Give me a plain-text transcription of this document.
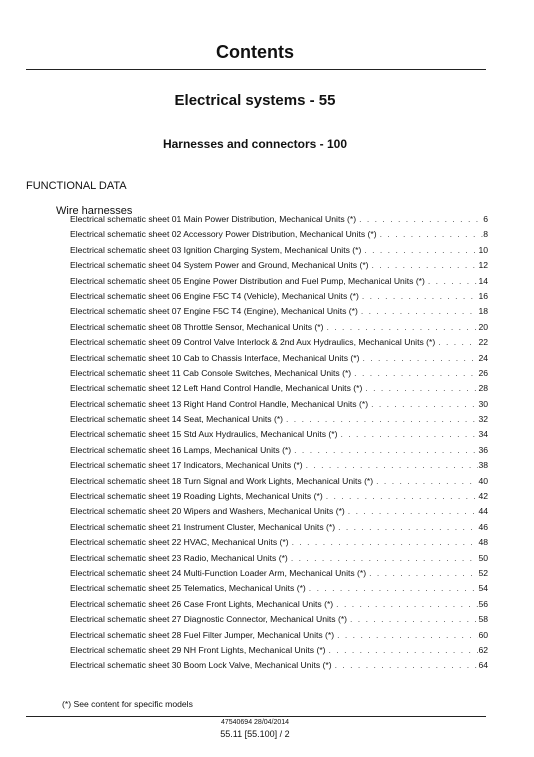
Contents
Electrical systems - 55
Harnesses and connectors - 100
FUNCTIONAL DATA
Wire harnesses
Electrical schematic sheet 01 Main Power Distribution, Mechanical Units (*) . . .	6
Electrical schematic sheet 02 Accessory Power Distribution, Mechanical Units (*) . . .	8
Electrical schematic sheet 03 Ignition Charging System, Mechanical Units (*) . . .	10
Electrical schematic sheet 04 System Power and Ground, Mechanical Units (*) . . .	12
Electrical schematic sheet 05 Engine Power Distribution and Fuel Pump, Mechanical Units (*) . . .	14
Electrical schematic sheet 06 Engine F5C T4 (Vehicle), Mechanical Units (*) . . .	16
Electrical schematic sheet 07 Engine F5C T4 (Engine), Mechanical Units (*) . . .	18
Electrical schematic sheet 08 Throttle Sensor, Mechanical Units (*) . . .	20
Electrical schematic sheet 09 Control Valve Interlock & 2nd Aux Hydraulics, Mechanical Units (*) . . .	22
Electrical schematic sheet 10 Cab to Chassis Interface, Mechanical Units (*) . . .	24
Electrical schematic sheet 11 Cab Console Switches, Mechanical Units (*) . . .	26
Electrical schematic sheet 12 Left Hand Control Handle, Mechanical Units (*) . . .	28
Electrical schematic sheet 13 Right Hand Control Handle, Mechanical Units (*) . . .	30
Electrical schematic sheet 14 Seat, Mechanical Units (*) . . .	32
Electrical schematic sheet 15 Std Aux Hydraulics, Mechanical Units (*) . . .	34
Electrical schematic sheet 16 Lamps, Mechanical Units (*) . . .	36
Electrical schematic sheet 17 Indicators, Mechanical Units (*) . . .	38
Electrical schematic sheet 18 Turn Signal and Work Lights, Mechanical Units (*) . . .	40
Electrical schematic sheet 19 Roading Lights, Mechanical Units (*) . . .	42
Electrical schematic sheet 20 Wipers and Washers, Mechanical Units (*) . . .	44
Electrical schematic sheet 21 Instrument Cluster, Mechanical Units (*) . . .	46
Electrical schematic sheet 22 HVAC, Mechanical Units (*) . . .	48
Electrical schematic sheet 23 Radio, Mechanical Units (*) . . .	50
Electrical schematic sheet 24 Multi-Function Loader Arm, Mechanical Units (*) . . .	52
Electrical schematic sheet 25 Telematics, Mechanical Units (*) . . .	54
Electrical schematic sheet 26 Case Front Lights, Mechanical Units (*) . . .	56
Electrical schematic sheet 27 Diagnostic Connector, Mechanical Units (*) . . .	58
Electrical schematic sheet 28 Fuel Filter Jumper, Mechanical Units (*) . . .	60
Electrical schematic sheet 29 NH Front Lights, Mechanical Units (*) . . .	62
Electrical schematic sheet 30 Boom Lock Valve, Mechanical Units (*) . . .	64
(*) See content for specific models
47540694 28/04/2014
55.11 [55.100] / 2
